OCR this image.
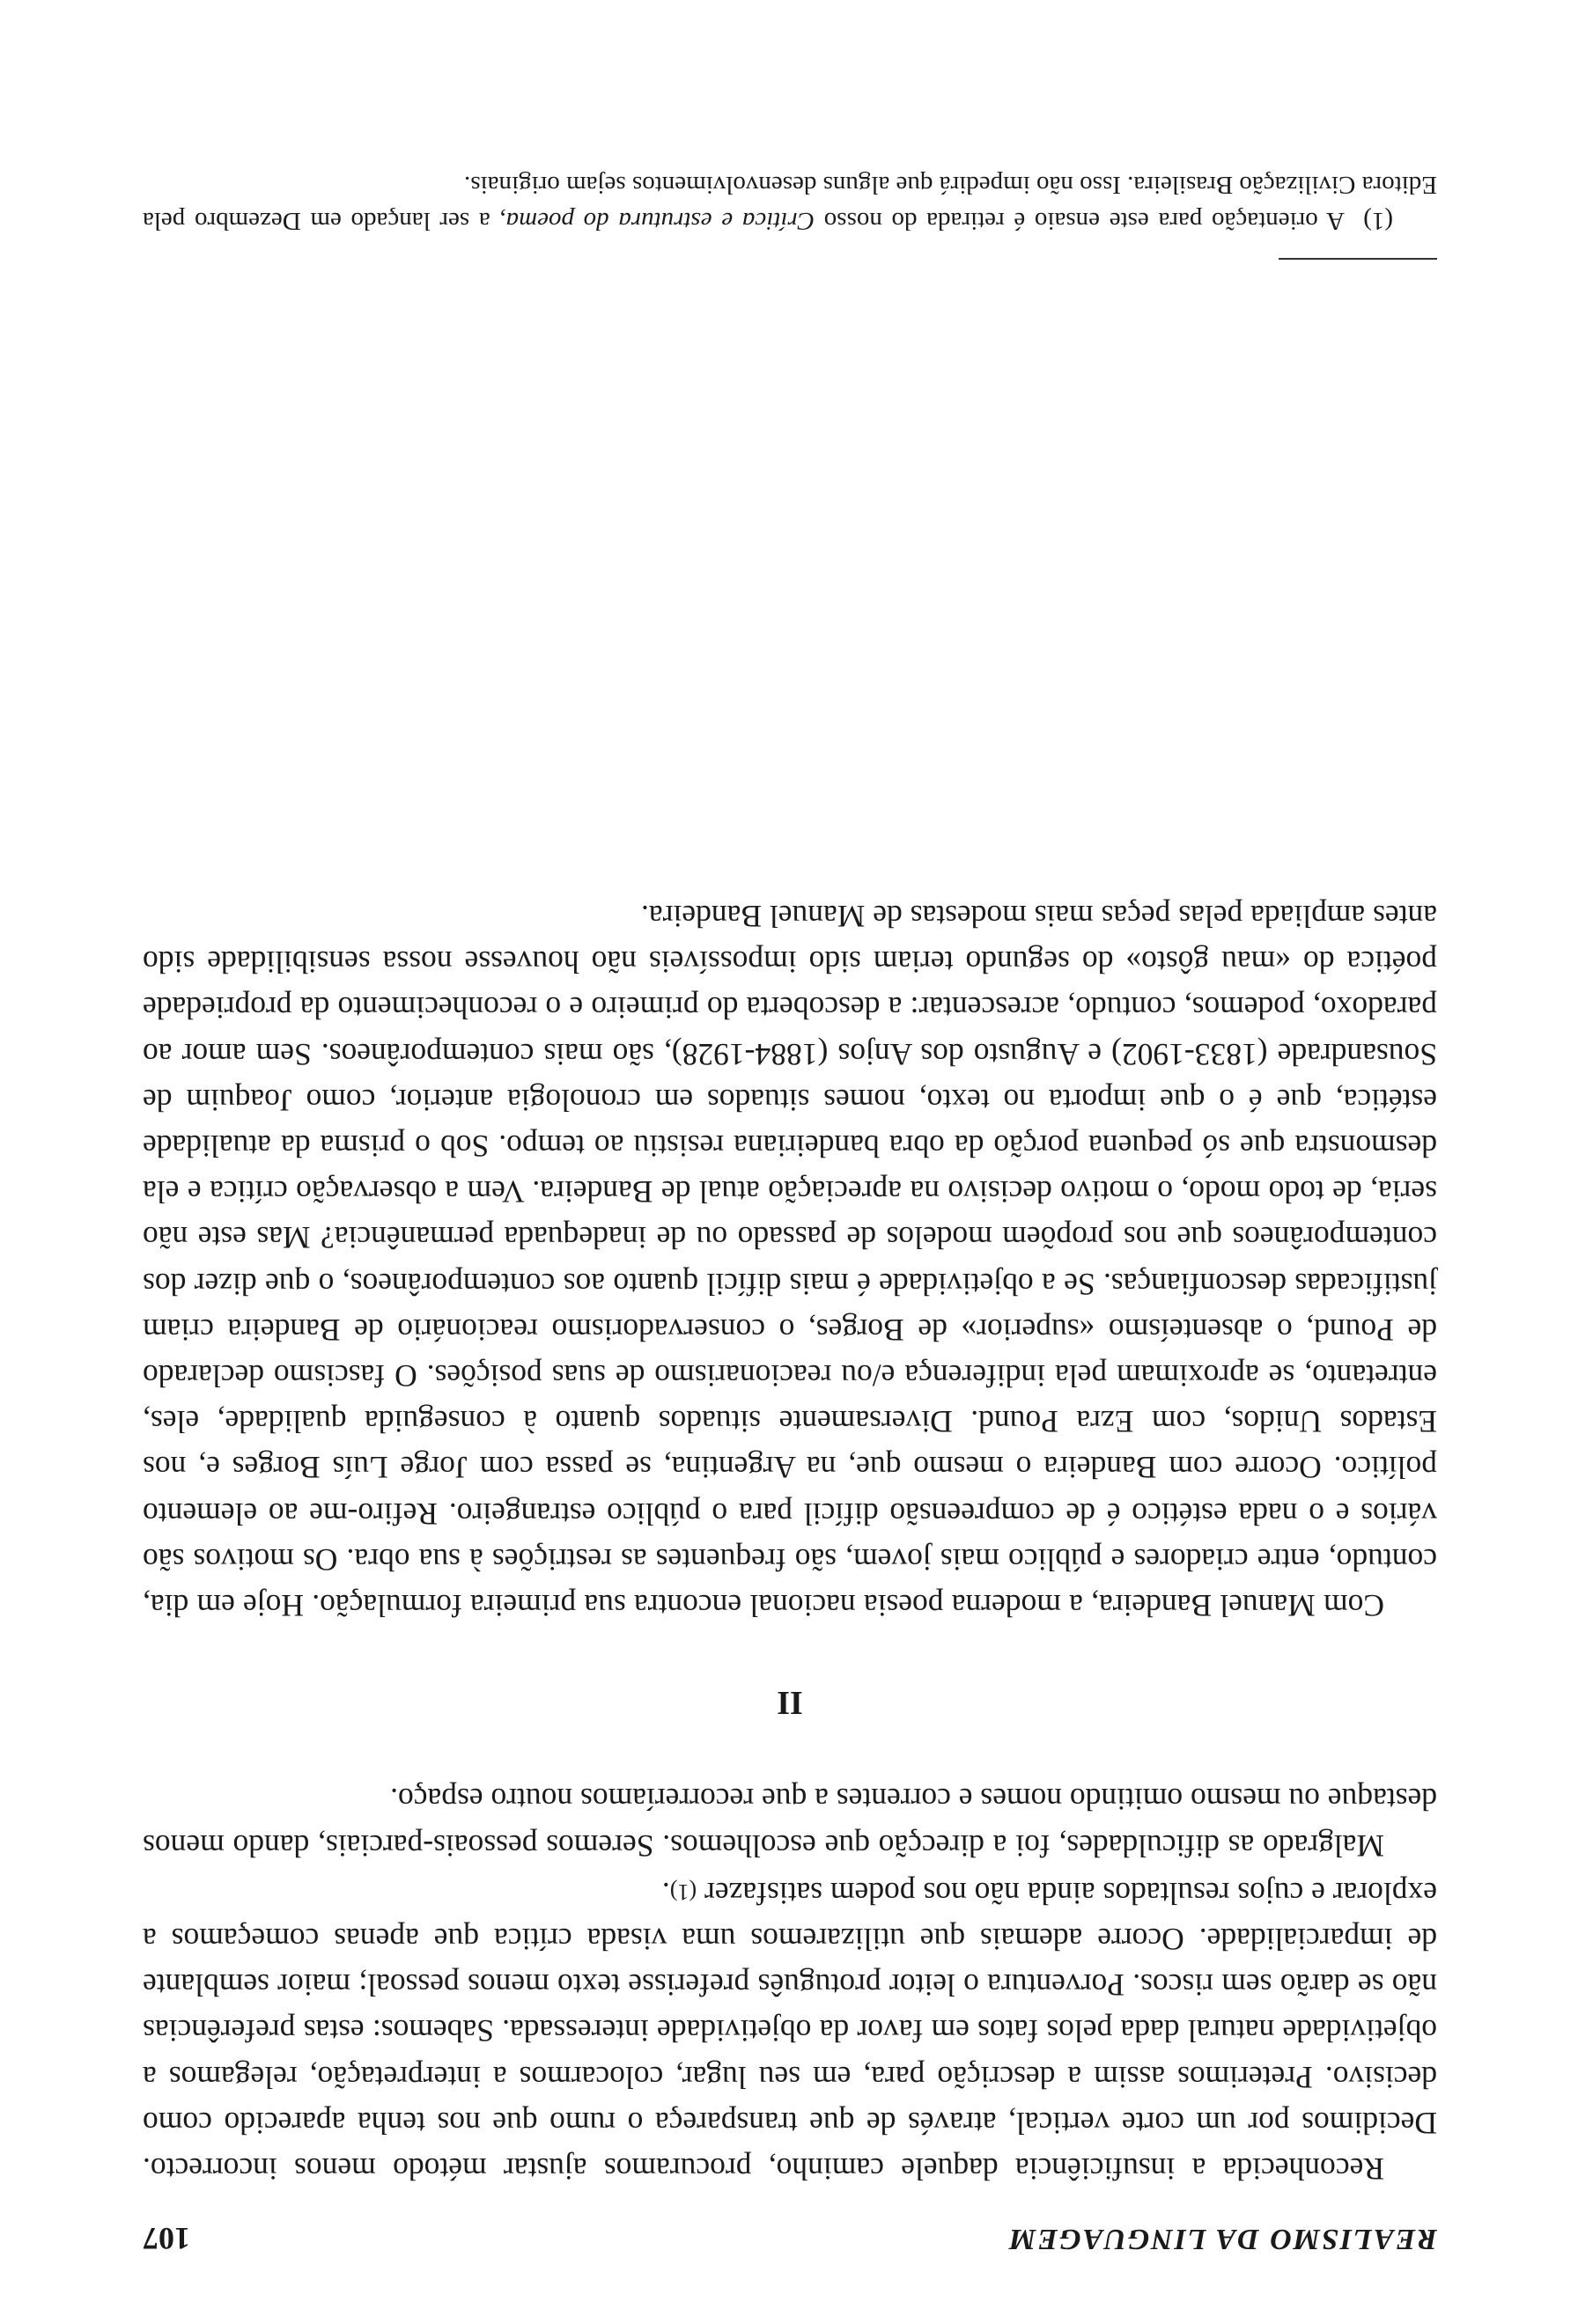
REALISMO DA LINGUAGEM
107

Reconhecida a insuficiência daquele caminho, procuramos ajustar método menos incorrecto. Decidimos por um corte vertical, através de que transpareça o rumo que nos tenha aparecido como decisivo. Preterimos assim a descrição para, em seu lugar, colocarmos a interpretação, relegamos a objetividade natural dada pelos fatos em favor da objetividade interessada. Sabemos: estas preferências não se darão sem riscos. Porventura o leitor protuguês preferisse texto menos pessoal; maior semblante de imparcialidade. Ocorre ademais que utilizaremos uma visada crítica que apenas começamos a explorar e cujos resultados ainda não nos podem satisfazer (1).

Malgrado as dificuldades, foi a direcção que escolhemos. Seremos pessoais-parciais, dando menos destaque ou mesmo omitindo nomes e correntes a que recorreríamos noutro espaço.

II

Com Manuel Bandeira, a moderna poesia nacional encontra sua primeira formulação. Hoje em dia, contudo, entre criadores e público mais jovem, são frequentes as restrições à sua obra. Os motivos são vários e o nada estético é de compreensão difícil para o público estrangeiro. Refiro-me ao elemento político. Ocorre com Bandeira o mesmo que, na Argentina, se passa com Jorge Luís Borges e, nos Estados Unidos, com Ezra Pound. Diversamente situados quanto à conseguida qualidade, eles, entretanto, se aproximam pela indiferença e/ou reacionarismo de suas posições. O fascismo declarado de Pound, o absenteísmo «superior» de Borges, o conservadorismo reacionário de Bandeira criam justificadas desconfianças. Se a objetividade é mais difícil quanto aos contemporâneos, o que dizer dos contemporâneos que nos propõem modelos de passado ou de inadequada permanência? Mas este não seria, de todo modo, o motivo decisivo na apreciação atual de Bandeira. Vem a observação crítica e ela desmonstra que só pequena porção da obra bandeiriana resistiu ao tempo. Sob o prisma da atualidade estética, que é o que importa no texto, nomes situados em cronologia anterior, como Joaquim de Sousandrade (1833-1902) e Augusto dos Anjos (1884-1928), são mais contemporâneos. Sem amor ao paradoxo, podemos, contudo, acrescentar: a descoberta do primeiro e o reconhecimento da propriedade poética do «mau gôsto» do segundo teriam sido impossíveis não houvesse nossa sensibilidade sido antes ampliada pelas peças mais modestas de Manuel Bandeira.

(1)  A orientação para este ensaio é retirada do nosso Crítica e estrutura do poema, a ser lançado em Dezembro pela Editora Civilização Brasileira. Isso não impedirá que alguns desenvolvimentos sejam originais.
